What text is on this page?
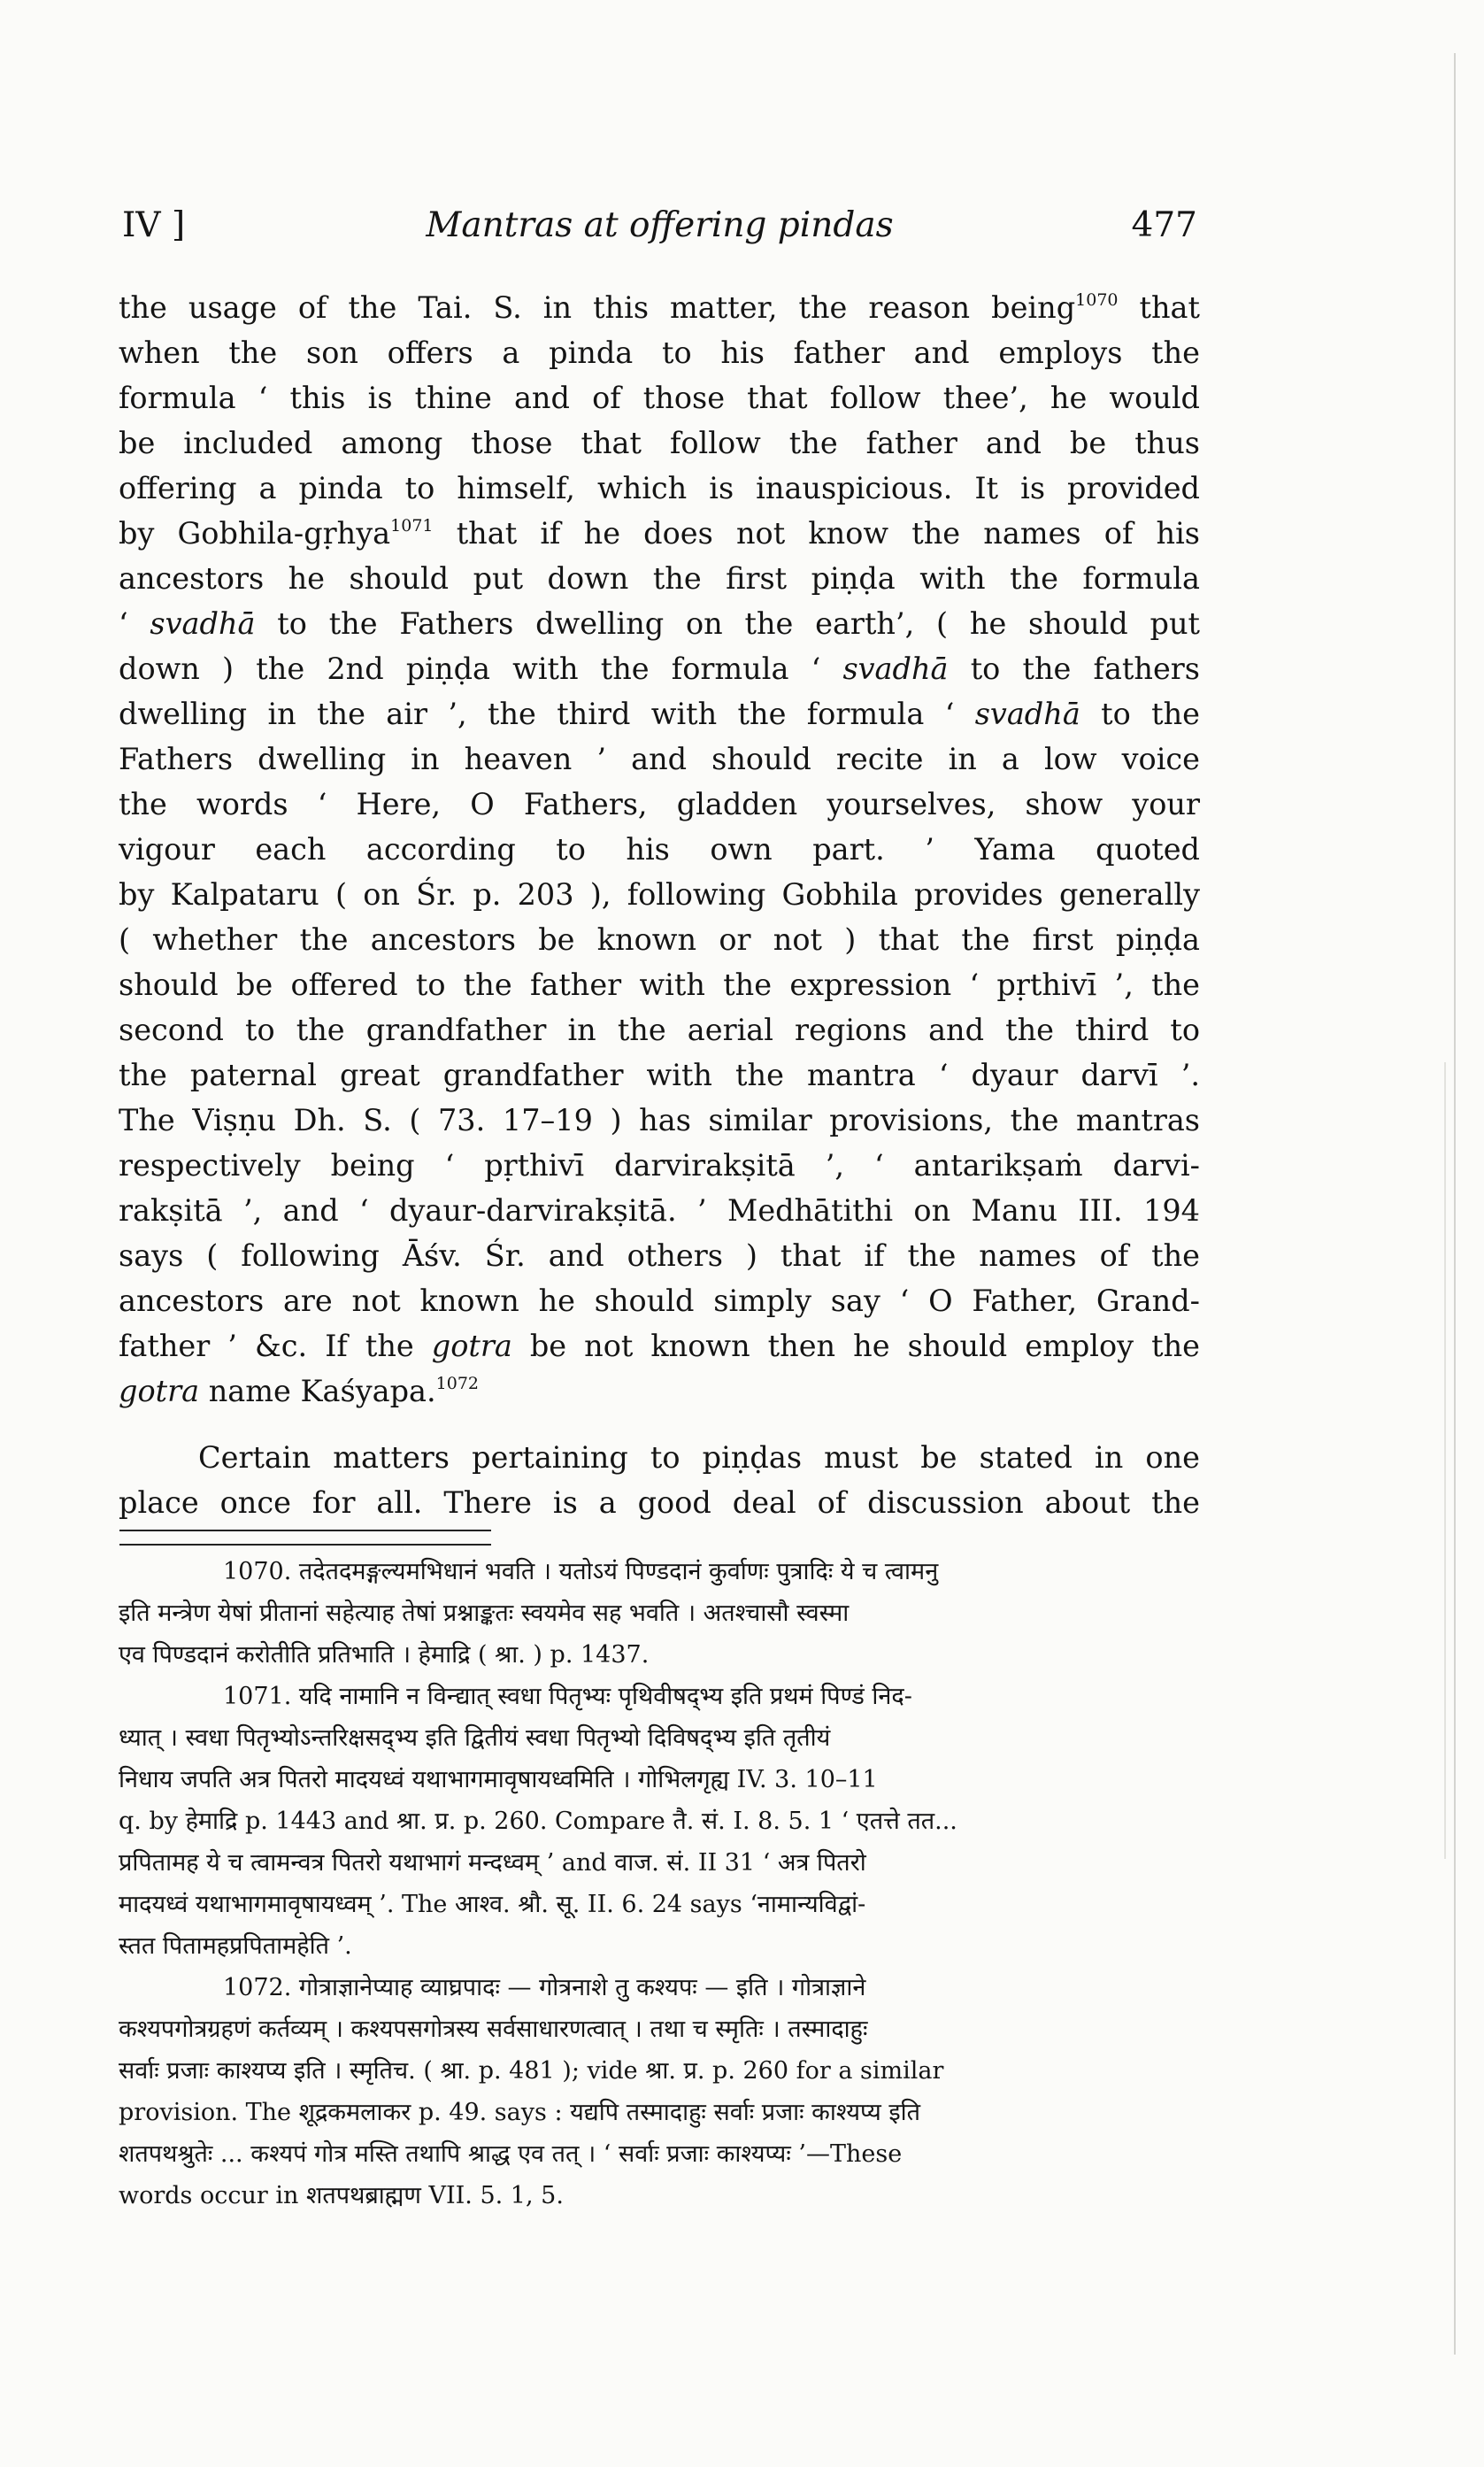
IV ]	Mantras at offering pindas	477
the usage of the Tai. S. in this matter, the reason being$^{1070}$ that
when the son offers a pinda to his father and employs the
formula ‘ this is thine and of those that follow thee’, he would
be included among those that follow the father and be thus
offering a pinda to himself, which is inauspicious. It is provided
by Gobhila-gṛhya$^{1071}$ that if he does not know the names of his
ancestors he should put down the first piṇḍa with the formula
‘ svadhā to the Fathers dwelling on the earth’, ( he should put
down ) the 2nd piṇḍa with the formula ‘ svadhā to the fathers
dwelling in the air ’, the third with the formula ‘ svadhā to the
Fathers dwelling in heaven ’ and should recite in a low voice
the words ‘ Here, O Fathers, gladden yourselves, show your
vigour each according to his own part. ’ Yama quoted
by Kalpataru ( on Śr. p. 203 ), following Gobhila provides generally
( whether the ancestors be known or not ) that the first piṇḍa
should be offered to the father with the expression ‘ pṛthivī ’, the
second to the grandfather in the aerial regions and the third to
the paternal great grandfather with the mantra ‘ dyaur darvī ’.
The Viṣṇu Dh. S. ( 73. 17–19 ) has similar provisions, the mantras
respectively being ‘ pṛthivī darvirakṣitā ’, ‘ antarikṣaṁ darvi-
rakṣitā ’, and ‘ dyaur-darvirakṣitā. ’ Medhātithi on Manu III. 194
says ( following Āśv. Śr. and others ) that if the names of the
ancestors are not known he should simply say ‘ O Father, Grand-
father ’ &c. If the gotra be not known then he should employ the
gotra name Kaśyapa.$^{1072}$
Certain matters pertaining to piṇḍas must be stated in one
place once for all. There is a good deal of discussion about the
1070. तदेतदमङ्गल्यमभिधानं भवति । यतोऽयं पिण्डदानं कुर्वाणः पुत्रादिः ये च त्वामनु
इति मन्त्रेण येषां प्रीतानां सहेत्याह तेषां प्रश्नाङ्कतः स्वयमेव सह भवति । अतश्चासौ स्वस्मा
एव पिण्डदानं करोतीति प्रतिभाति । हेमाद्रि ( श्रा. ) p. 1437.
1071. यदि नामानि न विन्द्यात् स्वधा पितृभ्यः पृथिवीषद्भ्य इति प्रथमं पिण्डं निद-
ध्यात् । स्वधा पितृभ्योऽन्तरिक्षसद्भ्य इति द्वितीयं स्वधा पितृभ्यो दिविषद्भ्य इति तृतीयं
निधाय जपति अत्र पितरो मादयध्वं यथाभागमावृषायध्वमिति । गोभिलगृह्य IV. 3. 10–11
q. by हेमाद्रि p. 1443 and श्रा. प्र. p. 260. Compare तै. सं. I. 8. 5. 1 ‘ एतत्ते तत...
प्रपितामह ये च त्वामन्वत्र पितरो यथाभागं मन्दध्वम् ’ and वाज. सं. II 31 ‘ अत्र पितरो
मादयध्वं यथाभागमावृषायध्वम् ’. The आश्व. श्रौ. सू. II. 6. 24 says ‘नामान्यविद्वां-
स्तत पितामहप्रपितामहेति ’.
1072. गोत्राज्ञानेप्याह व्याघ्रपादः — गोत्रनाशे तु कश्यपः — इति । गोत्राज्ञाने
कश्यपगोत्रग्रहणं कर्तव्यम् । कश्यपसगोत्रस्य सर्वसाधारणत्वात् । तथा च स्मृतिः । तस्मादाहुः
सर्वाः प्रजाः काश्यप्य इति । स्मृतिच. ( श्रा. p. 481 ); vide श्रा. प्र. p. 260 for a similar
provision. The शूद्रकमलाकर p. 49. says : यद्यपि तस्मादाहुः सर्वाः प्रजाः काश्यप्य इति
शतपथश्रुतेः ... कश्यपं गोत्र मस्ति तथापि श्राद्ध एव तत् । ‘ सर्वाः प्रजाः काश्यप्यः ’—These
words occur in शतपथब्राह्मण VII. 5. 1, 5.
